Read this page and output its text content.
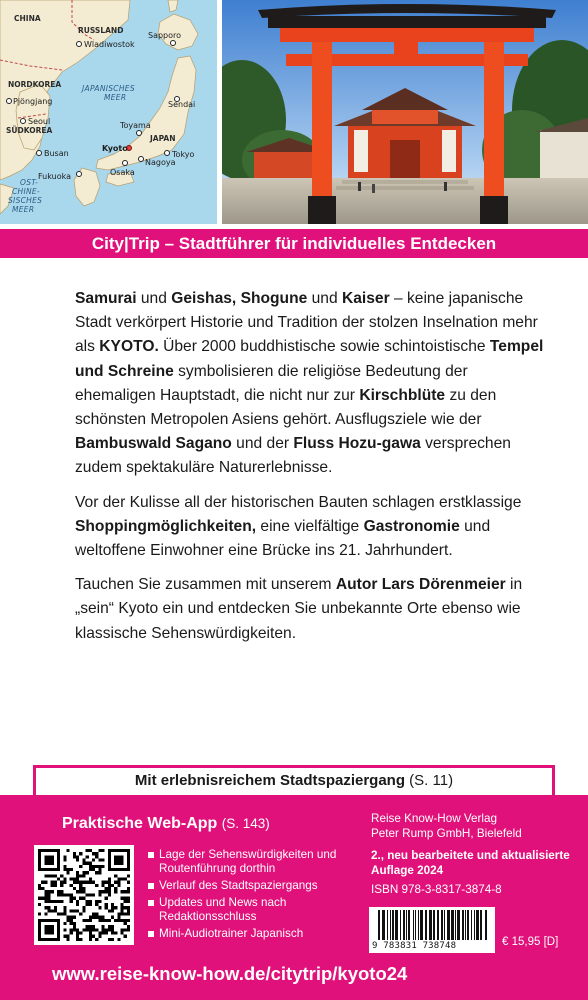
CHINA
RUSSLAND
NORDKOREA
SÜDKOREA
JAPAN
JAPANISCHES
MEER
OST-
CHINE-
SISCHES
MEER
Wladiwostok
Pjöngjang
Seoul
Busan
Fukuoka
Sapporo
Sendai
Toyama
Tokyo
Kyoto
Osaka
Nagoya
City|Trip – Stadtführer für individuelles Entdecken

Samurai und Geishas, Shogune und Kaiser – keine japanische Stadt verkörpert Historie und Tradition der stolzen Inselnation mehr als KYOTO. Über 2000 buddhistische sowie schintoistische Tempel und Schreine symbolisieren die religiöse Bedeutung der ehemaligen Hauptstadt, die nicht nur zur Kirschblüte zu den schönsten Metropolen Asiens gehört. Ausflugsziele wie der Bambuswald Sagano und der Fluss Hozu-gawa versprechen zudem spektakuläre Naturerlebnisse.

Vor der Kulisse all der historischen Bauten schlagen erstklassige Shoppingmöglichkeiten, eine vielfältige Gastronomie und weltoffene Einwohner eine Brücke ins 21. Jahrhundert.

Tauchen Sie zusammen mit unserem Autor Lars Dörenmeier in „sein“ Kyoto ein und entdecken Sie unbekannte Orte ebenso wie klassische Sehenswürdigkeiten.

Mit erlebnisreichem Stadtspaziergang (S. 11)
Praktische Web-App (S. 143)
Lage der Sehenswürdigkeiten und Routenführung dorthin
Verlauf des Stadtspaziergangs
Updates und News nach Redaktionsschluss
Mini-Audiotrainer Japanisch
Reise Know-How Verlag
Peter Rump GmbH, Bielefeld
2., neu bearbeitete und aktualisierte Auflage 2024
ISBN 978-3-8317-3874-8
9 783831 738748	€ 15,95 [D]
www.reise-know-how.de/citytrip/kyoto24
